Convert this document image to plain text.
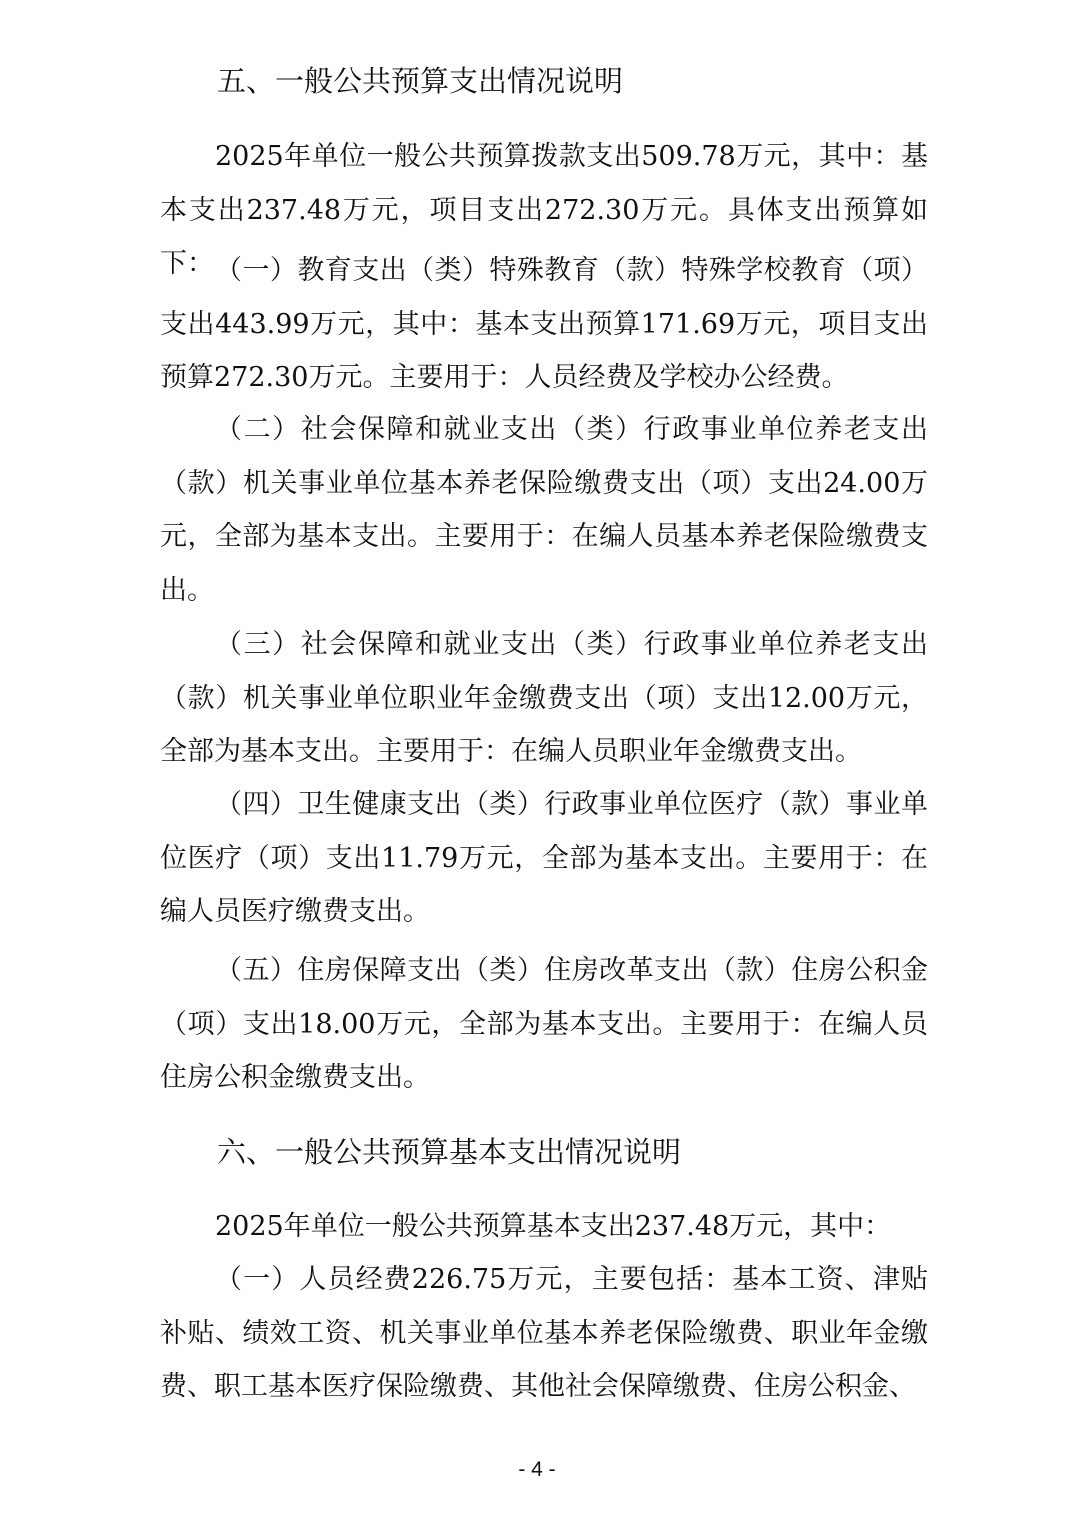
五、一般公共预算支出情况说明

2025年单位一般公共预算拨款支出509.78万元，其中：基本支出237.48万元，项目支出272.30万元。具体支出预算如下： （一）教育支出（类）特殊教育（款）特殊学校教育（项）支出443.99万元，其中：基本支出预算171.69万元，项目支出预算272.30万元。主要用于：人员经费及学校办公经费。

（二）社会保障和就业支出（类）行政事业单位养老支出（款）机关事业单位基本养老保险缴费支出（项）支出24.00万元，全部为基本支出。主要用于：在编人员基本养老保险缴费支出。

（三）社会保障和就业支出（类）行政事业单位养老支出（款）机关事业单位职业年金缴费支出（项）支出12.00万元，全部为基本支出。主要用于：在编人员职业年金缴费支出。

（四）卫生健康支出（类）行政事业单位医疗（款）事业单位医疗（项）支出11.79万元，全部为基本支出。主要用于：在编人员医疗缴费支出。

（五）住房保障支出（类）住房改革支出（款）住房公积金（项）支出18.00万元，全部为基本支出。主要用于：在编人员住房公积金缴费支出。

六、一般公共预算基本支出情况说明

2025年单位一般公共预算基本支出237.48万元，其中：

（一）人员经费226.75万元，主要包括：基本工资、津贴补贴、绩效工资、机关事业单位基本养老保险缴费、职业年金缴费、职工基本医疗保险缴费、其他社会保障缴费、住房公积金、

- 4 -
